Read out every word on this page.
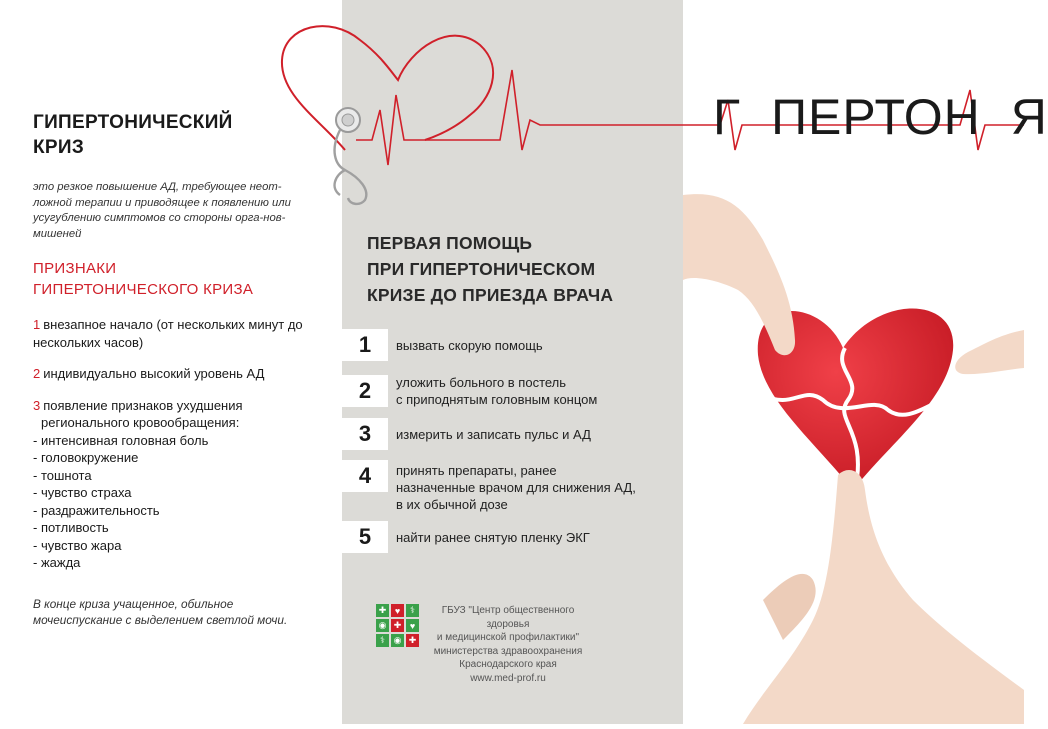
ГИПЕРТОНИЧЕСКИЙ
КРИЗ
это резкое повышение АД, требующее неот-ложной терапии и приводящее к появлению или усугублению симптомов со стороны орга-нов-мишеней
ПРИЗНАКИ
ГИПЕРТОНИЧЕСКОГО КРИЗА
1 внезапное начало (от нескольких минут до нескольких часов)
2 индивидуально высокий уровень АД
3 появление признаков ухудшения
регионального кровообращения:
- интенсивная головная боль
- головокружение
- тошнота
- чувство страха
- раздражительность
- потливость
- чувство жара
- жажда
В конце криза учащенное, обильное мочеиспускание с выделением светлой мочи.
ПЕРВАЯ ПОМОЩЬ
ПРИ ГИПЕРТОНИЧЕСКОМ
КРИЗЕ ДО ПРИЕЗДА ВРАЧА
1	вызвать скорую помощь
2	уложить больного в постель
с приподнятым головным концом
3	измерить и записать пульс и АД
4	принять препараты, ранее
назначенные врачом для снижения АД,
в их обычной дозе
5	найти ранее снятую пленку ЭКГ
✚ ♥	⚕
◉ ✚ ♥
⚕ ◉ ✚
ГБУЗ "Центр общественного здоровья
и медицинской профилактики"
министерства здравоохранения
Краснодарского края
www.med-prof.ru
Г ПЕРТОН Я
